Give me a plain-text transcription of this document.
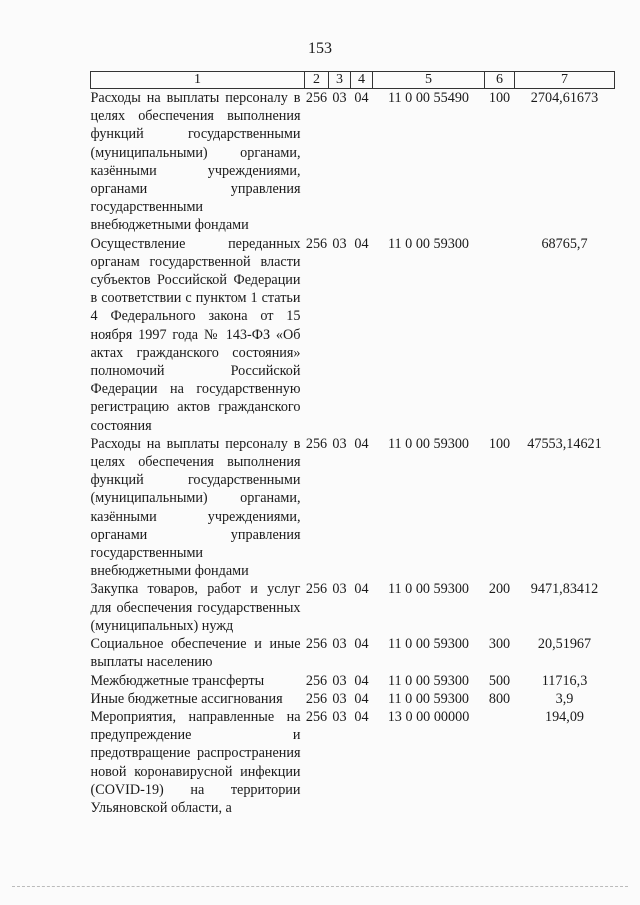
153
1	2	3	4	5	6	7
Расходы на выплаты персоналу в целях обеспечения выполнения функций государственными (муниципальными) органами, казёнными учреждениями, органами управления государственными внебюджетными фондами	256	03	04	11 0 00 55490	100	2704,61673
Осуществление переданных органам государственной власти субъектов Российской Федерации в соответствии с пунктом 1 статьи 4 Федерального закона от 15 ноября 1997 года № 143-ФЗ «Об актах гражданского состояния» полномочий Российской Федерации на государственную регистрацию актов гражданского состояния	256	03	04	11 0 00 59300		68765,7
Расходы на выплаты персоналу в целях обеспечения выполнения функций государственными (муниципальными) органами, казёнными учреждениями, органами управления государственными внебюджетными фондами	256	03	04	11 0 00 59300	100	47553,14621
Закупка товаров, работ и услуг для обеспечения государственных (муниципальных) нужд	256	03	04	11 0 00 59300	200	9471,83412
Социальное обеспечение и иные выплаты населению	256	03	04	11 0 00 59300	300	20,51967
Межбюджетные трансферты	256	03	04	11 0 00 59300	500	11716,3
Иные бюджетные ассигнования	256	03	04	11 0 00 59300	800	3,9
Мероприятия, направленные на предупреждение и предотвращение распространения новой коронавирусной инфекции (COVID-19) на территории Ульяновской области, а	256	03	04	13 0 00 00000		194,09
